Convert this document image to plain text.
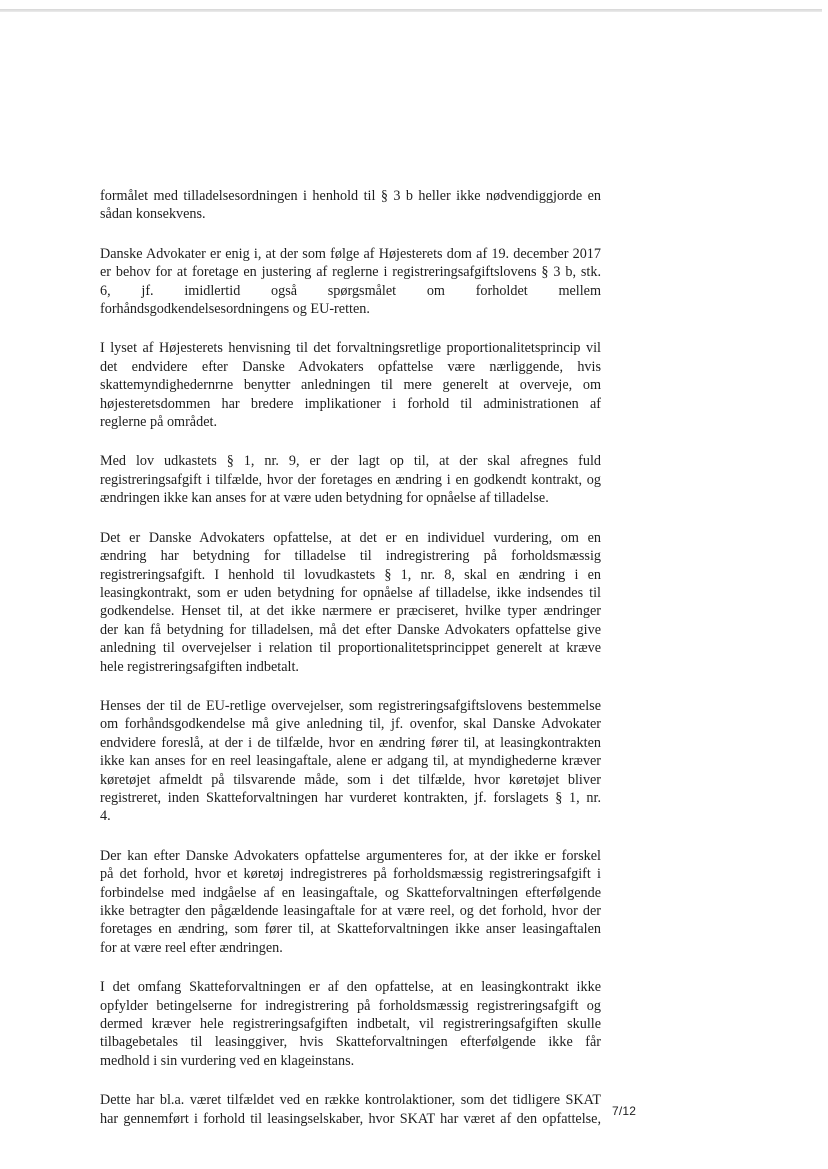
formålet med tilladelsesordningen i henhold til § 3 b heller ikke nødvendiggjorde en
sådan konsekvens.

Danske Advokater er enig i, at der som følge af Højesterets dom af 19. december 2017
er behov for at foretage en justering af reglerne i registreringsafgiftslovens § 3 b, stk.
6, jf. imidlertid også spørgsmålet om forholdet mellem
forhåndsgodkendelsesordningens og EU-retten.

I lyset af Højesterets henvisning til det forvaltningsretlige proportionalitetsprincip vil
det endvidere efter Danske Advokaters opfattelse være nærliggende, hvis
skattemyndighedernrne benytter anledningen til mere generelt at overveje, om
højesteretsdommen har bredere implikationer i forhold til administrationen af
reglerne på området.

Med lov udkastets § 1, nr. 9, er der lagt op til, at der skal afregnes fuld
registreringsafgift i tilfælde, hvor der foretages en ændring i en godkendt kontrakt, og
ændringen ikke kan anses for at være uden betydning for opnåelse af tilladelse.

Det er Danske Advokaters opfattelse, at det er en individuel vurdering, om en
ændring har betydning for tilladelse til indregistrering på forholdsmæssig
registreringsafgift. I henhold til lovudkastets § 1, nr. 8, skal en ændring i en
leasingkontrakt, som er uden betydning for opnåelse af tilladelse, ikke indsendes til
godkendelse. Henset til, at det ikke nærmere er præciseret, hvilke typer ændringer
der kan få betydning for tilladelsen, må det efter Danske Advokaters opfattelse give
anledning til overvejelser i relation til proportionalitetsprincippet generelt at kræve
hele registreringsafgiften indbetalt.

Henses der til de EU-retlige overvejelser, som registreringsafgiftslovens bestemmelse
om forhåndsgodkendelse må give anledning til, jf. ovenfor, skal Danske Advokater
endvidere foreslå, at der i de tilfælde, hvor en ændring fører til, at leasingkontrakten
ikke kan anses for en reel leasingaftale, alene er adgang til, at myndighederne kræver
køretøjet afmeldt på tilsvarende måde, som i det tilfælde, hvor køretøjet bliver
registreret, inden Skatteforvaltningen har vurderet kontrakten, jf. forslagets § 1, nr.
4.

Der kan efter Danske Advokaters opfattelse argumenteres for, at der ikke er forskel
på det forhold, hvor et køretøj indregistreres på forholdsmæssig registreringsafgift i
forbindelse med indgåelse af en leasingaftale, og Skatteforvaltningen efterfølgende
ikke betragter den pågældende leasingaftale for at være reel, og det forhold, hvor der
foretages en ændring, som fører til, at Skatteforvaltningen ikke anser leasingaftalen
for at være reel efter ændringen.

I det omfang Skatteforvaltningen er af den opfattelse, at en leasingkontrakt ikke
opfylder betingelserne for indregistrering på forholdsmæssig registreringsafgift og
dermed kræver hele registreringsafgiften indbetalt, vil registreringsafgiften skulle
tilbagebetales til leasinggiver, hvis Skatteforvaltningen efterfølgende ikke får
medhold i sin vurdering ved en klageinstans.

Dette har bl.a. været tilfældet ved en række kontrolaktioner, som det tidligere SKAT
har gennemført i forhold til leasingselskaber, hvor SKAT har været af den opfattelse, 7/12
